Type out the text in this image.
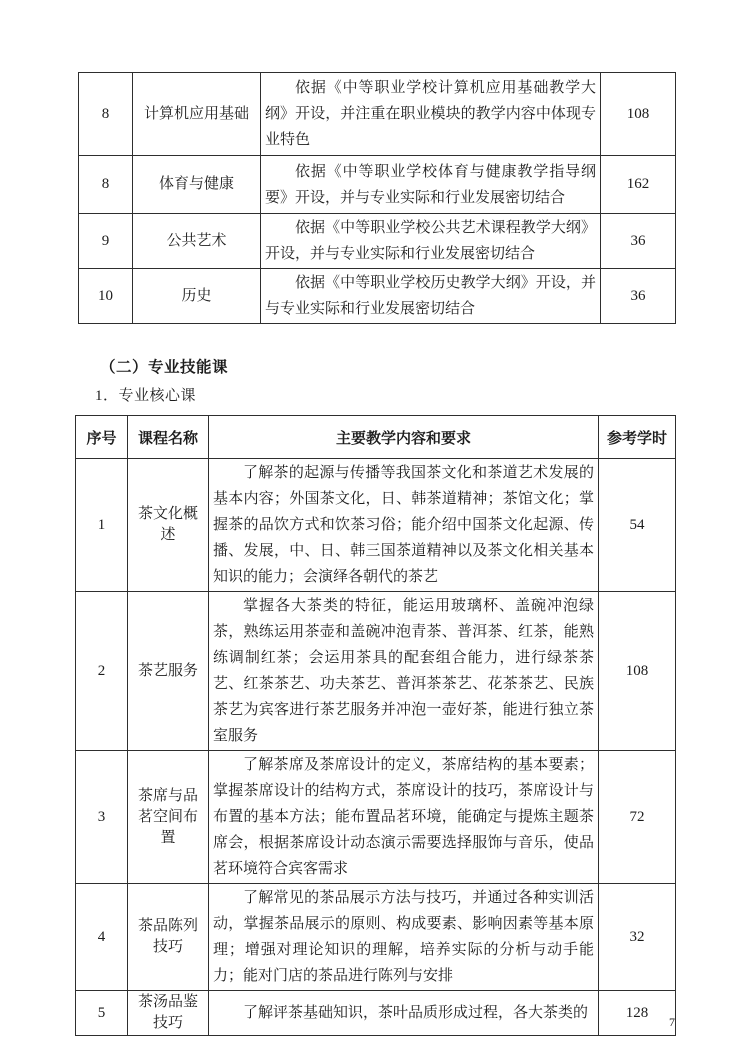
8	计算机应用基础	依据《中等职业学校计算机应用基础教学大纲》开设，并注重在职业模块的教学内容中体现专业特色	108
8	体育与健康	依据《中等职业学校体育与健康教学指导纲要》开设，并与专业实际和行业发展密切结合	162
9	公共艺术	依据《中等职业学校公共艺术课程教学大纲》开设，并与专业实际和行业发展密切结合	36
10	历史	依据《中等职业学校历史教学大纲》开设，并与专业实际和行业发展密切结合	36
（二）专业技能课
1．专业核心课
序号	课程名称	主要教学内容和要求	参考学时
1	茶文化概述	了解茶的起源与传播等我国茶文化和茶道艺术发展的基本内容；外国茶文化，日、韩茶道精神；茶馆文化；掌握茶的品饮方式和饮茶习俗；能介绍中国茶文化起源、传播、发展，中、日、韩三国茶道精神以及茶文化相关基本知识的能力；会演绎各朝代的茶艺	54
2	茶艺服务	掌握各大茶类的特征，能运用玻璃杯、盖碗冲泡绿茶，熟练运用茶壶和盖碗冲泡青茶、普洱茶、红茶，能熟练调制红茶；会运用茶具的配套组合能力，进行绿茶茶艺、红茶茶艺、功夫茶艺、普洱茶茶艺、花茶茶艺、民族茶艺为宾客进行茶艺服务并冲泡一壶好茶，能进行独立茶室服务	108
3	茶席与品茗空间布置	了解茶席及茶席设计的定义，茶席结构的基本要素；掌握茶席设计的结构方式，茶席设计的技巧，茶席设计与布置的基本方法；能布置品茗环境，能确定与提炼主题茶席会，根据茶席设计动态演示需要选择服饰与音乐，使品茗环境符合宾客需求	72
4	茶品陈列技巧	了解常见的茶品展示方法与技巧，并通过各种实训活动，掌握茶品展示的原则、构成要素、影响因素等基本原理；增强对理论知识的理解，培养实际的分析与动手能力；能对门店的茶品进行陈列与安排	32
5	茶汤品鉴技巧	了解评茶基础知识，茶叶品质形成过程，各大茶类的	128
7
